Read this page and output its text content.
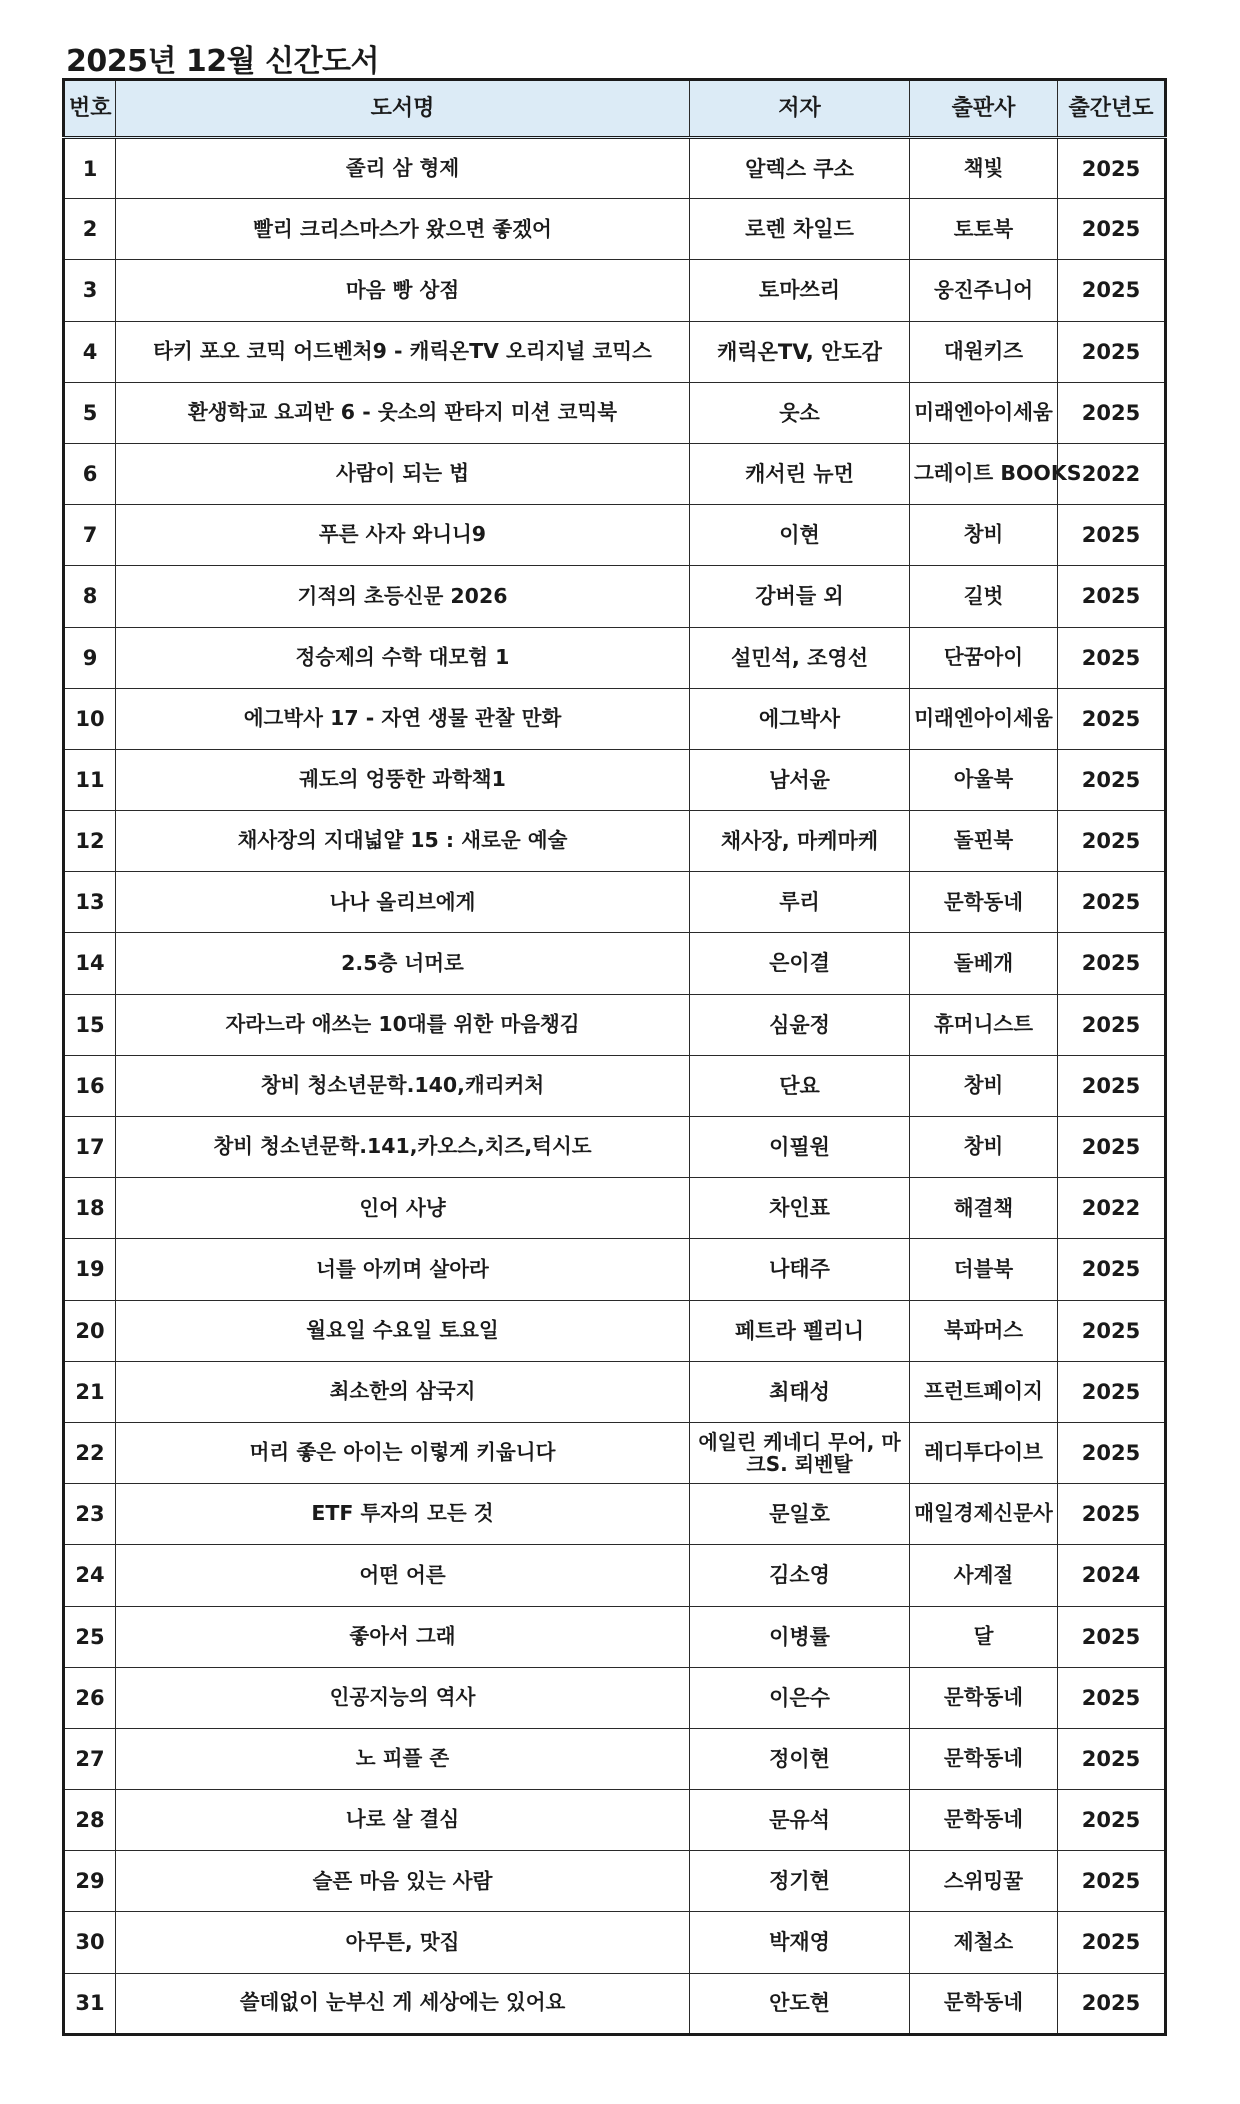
2025년 12월 신간도서
번호	도서명	저자	출판사	출간년도
1	졸리 삼 형제	알렉스 쿠소	책빛	2025
2	빨리 크리스마스가 왔으면 좋겠어	로렌 차일드	토토북	2025
3	마음 빵 상점	토마쓰리	웅진주니어	2025
4	타키 포오 코믹 어드벤처9 - 캐릭온TV 오리지널 코믹스	캐릭온TV, 안도감	대원키즈	2025
5	환생학교 요괴반 6 - 웃소의 판타지 미션 코믹북	웃소	미래엔아이세움	2025
6	사람이 되는 법	캐서린 뉴먼	그레이트 BOOKS	2022
7	푸른 사자 와니니9	이현	창비	2025
8	기적의 초등신문 2026	강버들 외	길벗	2025
9	정승제의 수학 대모험 1	설민석, 조영선	단꿈아이	2025
10	에그박사 17 - 자연 생물 관찰 만화	에그박사	미래엔아이세움	2025
11	궤도의 엉뚱한 과학책1	남서윤	아울북	2025
12	채사장의 지대넓얕 15 : 새로운 예술	채사장, 마케마케	돌핀북	2025
13	나나 올리브에게	루리	문학동네	2025
14	2.5층 너머로	은이결	돌베개	2025
15	자라느라 애쓰는 10대를 위한 마음챙김	심윤정	휴머니스트	2025
16	창비 청소년문학.140,캐리커처	단요	창비	2025
17	창비 청소년문학.141,카오스,치즈,턱시도	이필원	창비	2025
18	인어 사냥	차인표	해결책	2022
19	너를 아끼며 살아라	나태주	더블북	2025
20	월요일 수요일 토요일	페트라 펠리니	북파머스	2025
21	최소한의 삼국지	최태성	프런트페이지	2025
22	머리 좋은 아이는 이렇게 키웁니다	에일린 케네디 무어, 마크S. 뢰벤탈	레디투다이브	2025
23	ETF 투자의 모든 것	문일호	매일경제신문사	2025
24	어떤 어른	김소영	사계절	2024
25	좋아서 그래	이병률	달	2025
26	인공지능의 역사	이은수	문학동네	2025
27	노 피플 존	정이현	문학동네	2025
28	나로 살 결심	문유석	문학동네	2025
29	슬픈 마음 있는 사람	정기현	스위밍꿀	2025
30	아무튼, 맛집	박재영	제철소	2025
31	쓸데없이 눈부신 게 세상에는 있어요	안도현	문학동네	2025
